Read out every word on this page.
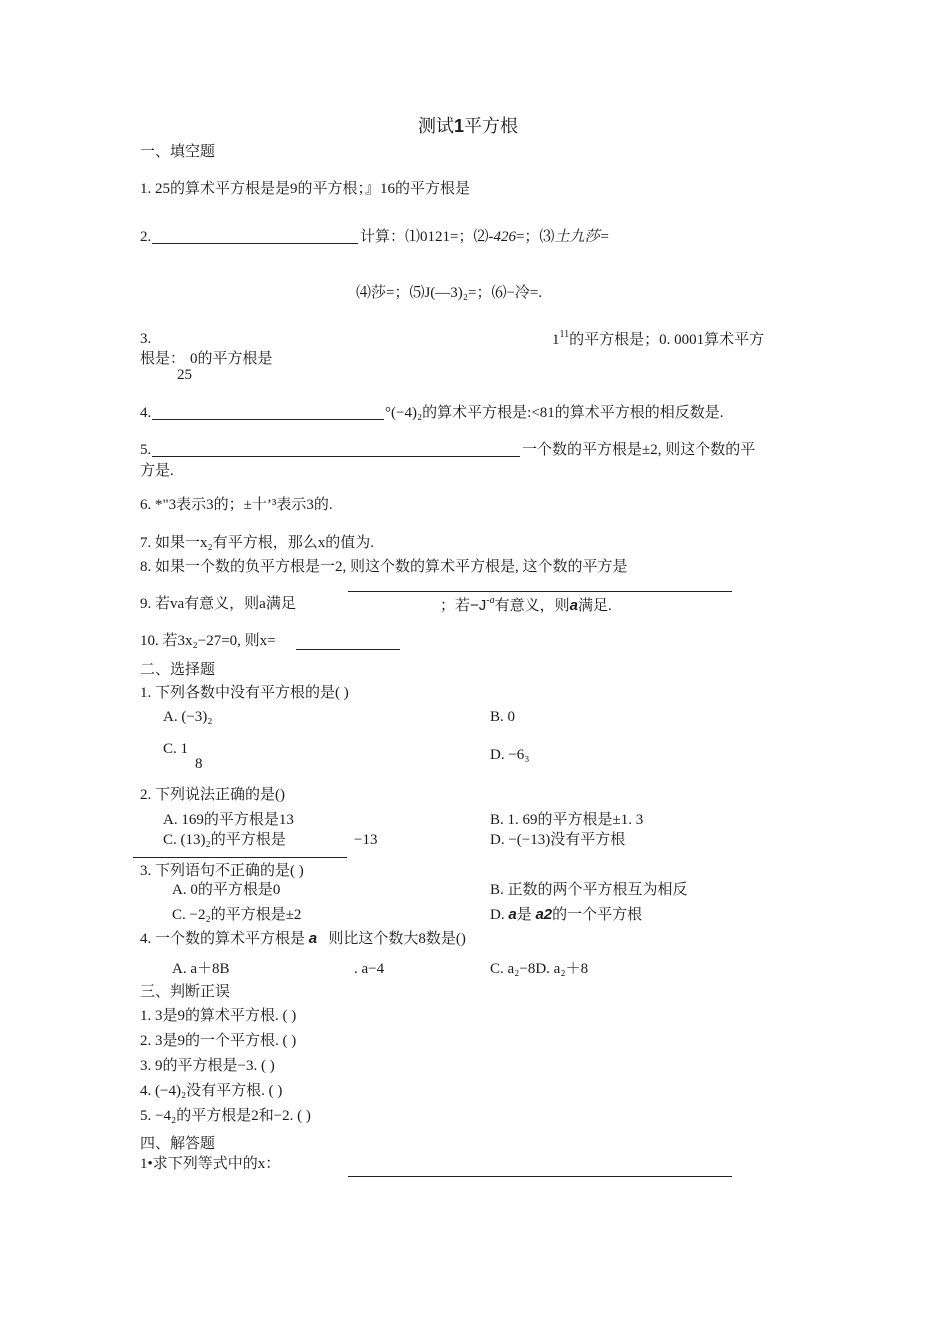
测试1平方根
一、填空题
1. 25的算术平方根是是9的平方根；』16的平方根是
2.	计算：⑴0121=；⑵-426=；⑶土九莎=
⑷莎=；⑸J(—3)₂=；⑹−冷=.
3.	$1^{11}$的平方根是；0. 0001算术平方
根是： 0的平方根是
25
4.	°(−4)₂的算术平方根是:<81的算术平方根的相反数是.
5.	一个数的平方根是±2, 则这个数的平
方是.
6. *"3表示3的；±十’³表示3的.
7. 如果一x₂有平方根，那么x的值为.
8. 如果一个数的负平方根是一2, 则这个数的算术平方根是, 这个数的平方是
9. 若va有意义，则a满足	；若$-J^{-a}$有意义，则a满足.
10. 若3x₂−27=0, 则x=
二、选择题
1. 下列各数中没有平方根的是( )
A. (−3)₂	B. 0
C. 1
8
D. −6₃
2. 下列说法正确的是()
A. 169的平方根是13	B. 1. 69的平方根是±1. 3
C. (13)₂的平方根是	−13	D. −(−13)没有平方根
3. 下列语句不正确的是( )
A. 0的平方根是0	B. 正数的两个平方根互为相反
C. −2₂的平方根是±2	D. a是 a2的一个平方根
4. 一个数的算术平方根是 a 则比这个数大8数是()
A. a＋8B	. a−4	C. a₂−8D. a₂＋8
三、判断正误
1. 3是9的算术平方根. ( )
2. 3是9的一个平方根. ( )
3. 9的平方根是−3. ( )
4. (−4)₂没有平方根. ( )
5. −4₂的平方根是2和−2. ( )
四、解答题
1•求下列等式中的x：
